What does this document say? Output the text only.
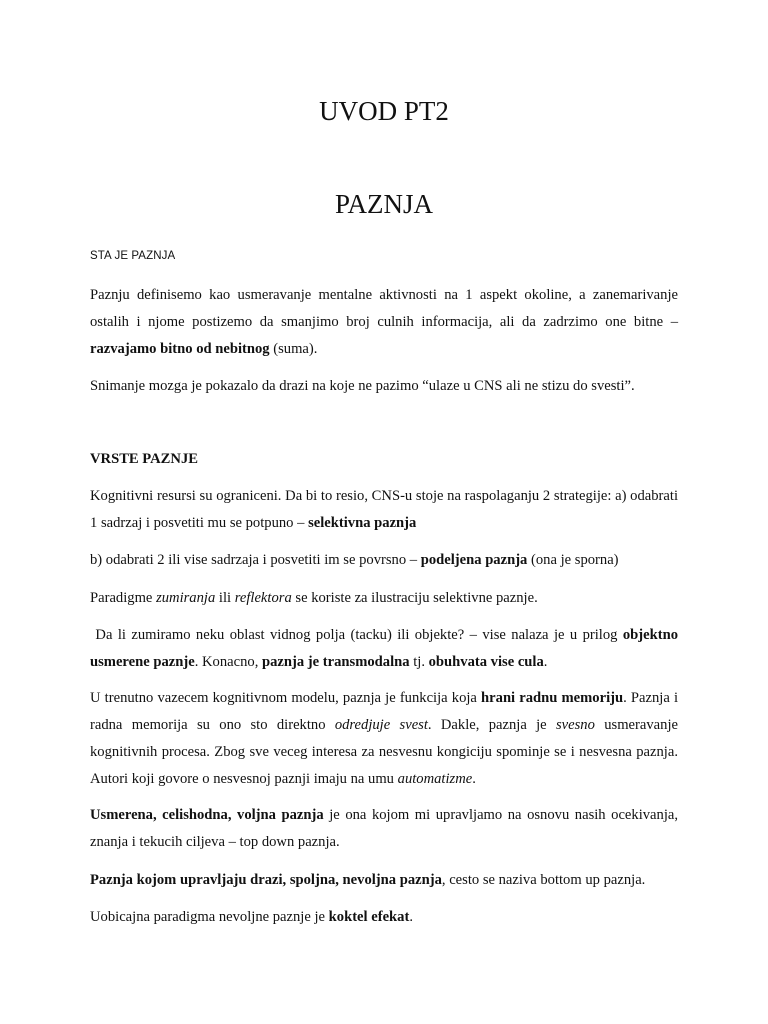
UVOD PT2
PAZNJA
STA JE PAZNJA

Paznju definisemo kao usmeravanje mentalne aktivnosti na 1 aspekt okoline, a zanemarivanje ostalih i njome postizemo da smanjimo broj culnih informacija, ali da zadrzimo one bitne – razvajamo bitno od nebitnog (suma).

Snimanje mozga je pokazalo da drazi na koje ne pazimo “ulaze u CNS ali ne stizu do svesti”.

VRSTE PAZNJE

Kognitivni resursi su ograniceni. Da bi to resio, CNS-u stoje na raspolaganju 2 strategije: a) odabrati 1 sadrzaj i posvetiti mu se potpuno – selektivna paznja

b) odabrati 2 ili vise sadrzaja i posvetiti im se povrsno – podeljena paznja (ona je sporna)

Paradigme zumiranja ili reflektora se koriste za ilustraciju selektivne paznje.

Da li zumiramo neku oblast vidnog polja (tacku) ili objekte? – vise nalaza je u prilog objektno usmerene paznje. Konacno, paznja je transmodalna tj. obuhvata vise cula.

U trenutno vazecem kognitivnom modelu, paznja je funkcija koja hrani radnu memoriju. Paznja i radna memorija su ono sto direktno odredjuje svest. Dakle, paznja je svesno usmeravanje kognitivnih procesa. Zbog sve veceg interesa za nesvesnu kongiciju spominje se i nesvesna paznja. Autori koji govore o nesvesnoj paznji imaju na umu automatizme.

Usmerena, celishodna, voljna paznja je ona kojom mi upravljamo na osnovu nasih ocekivanja, znanja i tekucih ciljeva – top down paznja.

Paznja kojom upravljaju drazi, spoljna, nevoljna paznja, cesto se naziva bottom up paznja.

Uobicajna paradigma nevoljne paznje je koktel efekat.
